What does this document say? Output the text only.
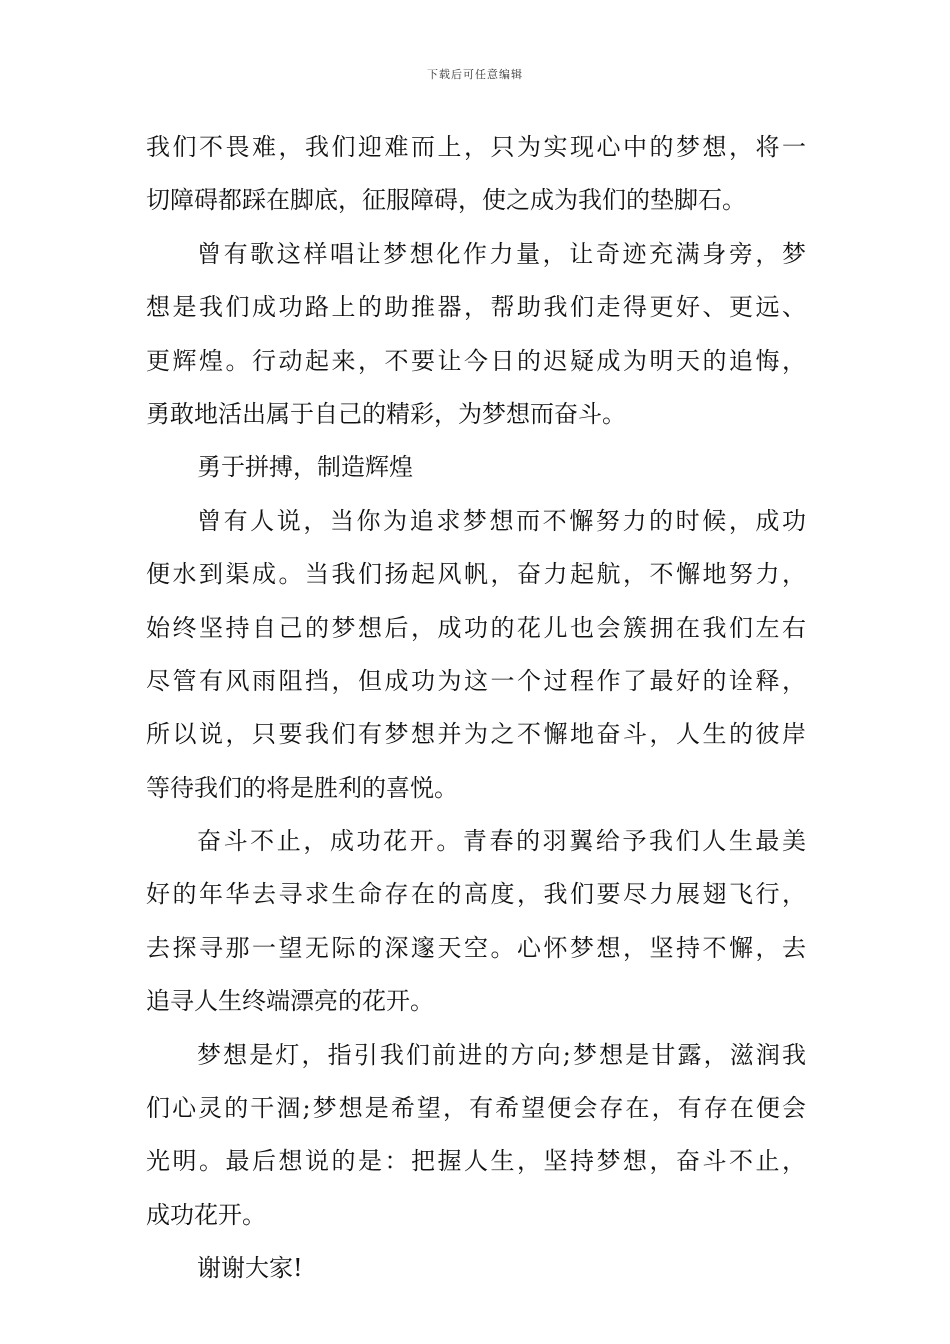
下载后可任意编辑
我们不畏难，我们迎难而上，只为实现心中的梦想，将一
切障碍都踩在脚底，征服障碍，使之成为我们的垫脚石。
曾有歌这样唱让梦想化作力量，让奇迹充满身旁，梦
想是我们成功路上的助推器，帮助我们走得更好、更远、
更辉煌。行动起来，不要让今日的迟疑成为明天的追悔，
勇敢地活出属于自己的精彩，为梦想而奋斗。
勇于拼搏，制造辉煌
曾有人说，当你为追求梦想而不懈努力的时候，成功
便水到渠成。当我们扬起风帆，奋力起航，不懈地努力，
始终坚持自己的梦想后，成功的花儿也会簇拥在我们左右
尽管有风雨阻挡，但成功为这一个过程作了最好的诠释，
所以说，只要我们有梦想并为之不懈地奋斗，人生的彼岸
等待我们的将是胜利的喜悦。
奋斗不止，成功花开。青春的羽翼给予我们人生最美
好的年华去寻求生命存在的高度，我们要尽力展翅飞行，
去探寻那一望无际的深邃天空。心怀梦想，坚持不懈，去
追寻人生终端漂亮的花开。
梦想是灯，指引我们前进的方向;梦想是甘露，滋润我
们心灵的干涸;梦想是希望，有希望便会存在，有存在便会
光明。最后想说的是：把握人生，坚持梦想，奋斗不止，
成功花开。
谢谢大家!
